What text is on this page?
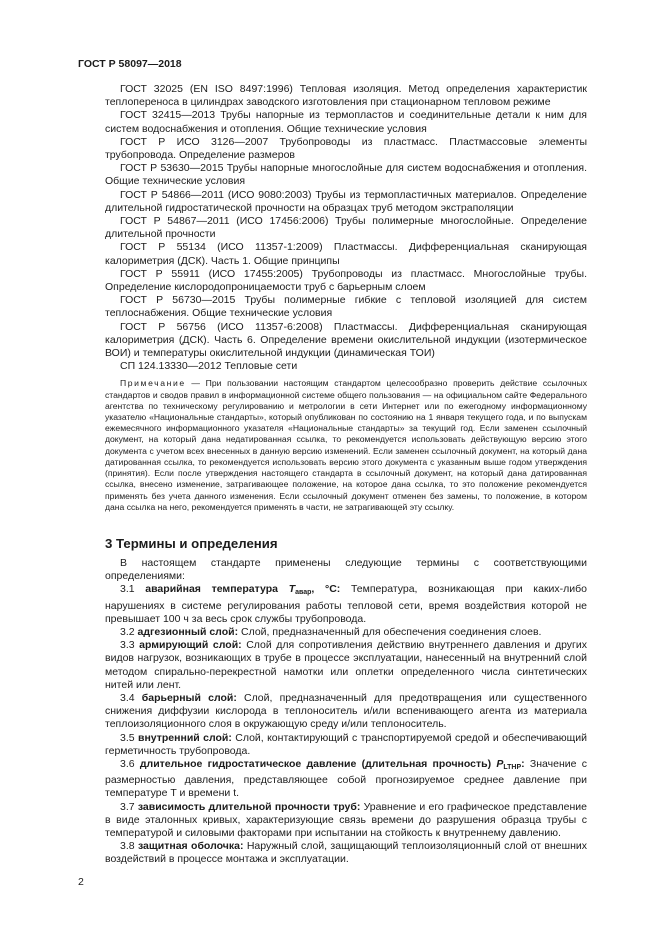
ГОСТ Р 58097—2018

ГОСТ 32025 (EN ISO 8497:1996) Тепловая изоляция. Метод определения характеристик теплопереноса в цилиндрах заводского изготовления при стационарном тепловом режиме

ГОСТ 32415—2013 Трубы напорные из термопластов и соединительные детали к ним для систем водоснабжения и отопления. Общие технические условия

ГОСТ Р ИСО 3126—2007 Трубопроводы из пластмасс. Пластмассовые элементы трубопровода. Определение размеров

ГОСТ Р 53630—2015 Трубы напорные многослойные для систем водоснабжения и отопления. Общие технические условия

ГОСТ Р 54866—2011 (ИСО 9080:2003) Трубы из термопластичных материалов. Определение длительной гидростатической прочности на образцах труб методом экстраполяции

ГОСТ Р 54867—2011 (ИСО 17456:2006) Трубы полимерные многослойные. Определение длительной прочности

ГОСТ Р 55134 (ИСО 11357-1:2009) Пластмассы. Дифференциальная сканирующая калориметрия (ДСК). Часть 1. Общие принципы

ГОСТ Р 55911 (ИСО 17455:2005) Трубопроводы из пластмасс. Многослойные трубы. Определение кислородопроницаемости труб с барьерным слоем

ГОСТ Р 56730—2015 Трубы полимерные гибкие с тепловой изоляцией для систем теплоснабжения. Общие технические условия

ГОСТ Р 56756 (ИСО 11357-6:2008) Пластмассы. Дифференциальная сканирующая калориметрия (ДСК). Часть 6. Определение времени окислительной индукции (изотермическое ВОИ) и температуры окислительной индукции (динамическая ТОИ)

СП 124.13330—2012 Тепловые сети

Примечание — При пользовании настоящим стандартом целесообразно проверить действие ссылочных стандартов и сводов правил в информационной системе общего пользования — на официальном сайте Федерального агентства по техническому регулированию и метрологии в сети Интернет или по ежегодному информационному указателю «Национальные стандарты», который опубликован по состоянию на 1 января текущего года, и по выпускам ежемесячного информационного указателя «Национальные стандарты» за текущий год. Если заменен ссылочный документ, на который дана недатированная ссылка, то рекомендуется использовать действующую версию этого документа с учетом всех внесенных в данную версию изменений. Если заменен ссылочный документ, на который дана датированная ссылка, то рекомендуется использовать версию этого документа с указанным выше годом утверждения (принятия). Если после утверждения настоящего стандарта в ссылочный документ, на который дана датированная ссылка, внесено изменение, затрагивающее положение, на которое дана ссылка, то это положение рекомендуется применять без учета данного изменения. Если ссылочный документ отменен без замены, то положение, в котором дана ссылка на него, рекомендуется применять в части, не затрагивающей эту ссылку.

3 Термины и определения

В настоящем стандарте применены следующие термины с соответствующими определениями:

3.1 аварийная температура $T_{авар}$, °С: Температура, возникающая при каких-либо нарушениях в системе регулирования работы тепловой сети, время воздействия которой не превышает 100 ч за весь срок службы трубопровода.

3.2 адгезионный слой: Слой, предназначенный для обеспечения соединения слоев.

3.3 армирующий слой: Слой для сопротивления действию внутреннего давления и других видов нагрузок, возникающих в трубе в процессе эксплуатации, нанесенный на внутренний слой методом спирально-перекрестной намотки или оплетки определенного числа синтетических нитей или лент.

3.4 барьерный слой: Слой, предназначенный для предотвращения или существенного снижения диффузии кислорода в теплоноситель и/или вспенивающего агента из материала теплоизоляционного слоя в окружающую среду и/или теплоноситель.

3.5 внутренний слой: Слой, контактирующий с транспортируемой средой и обеспечивающий герметичность трубопровода.

3.6 длительное гидростатическое давление (длительная прочность) $P_{LTHP}$: Значение с размерностью давления, представляющее собой прогнозируемое среднее давление при температуре T и времени t.

3.7 зависимость длительной прочности труб: Уравнение и его графическое представление в виде эталонных кривых, характеризующие связь времени до разрушения образца трубы с температурой и силовыми факторами при испытании на стойкость к внутреннему давлению.

3.8 защитная оболочка: Наружный слой, защищающий теплоизоляционный слой от внешних воздействий в процессе монтажа и эксплуатации.

2
